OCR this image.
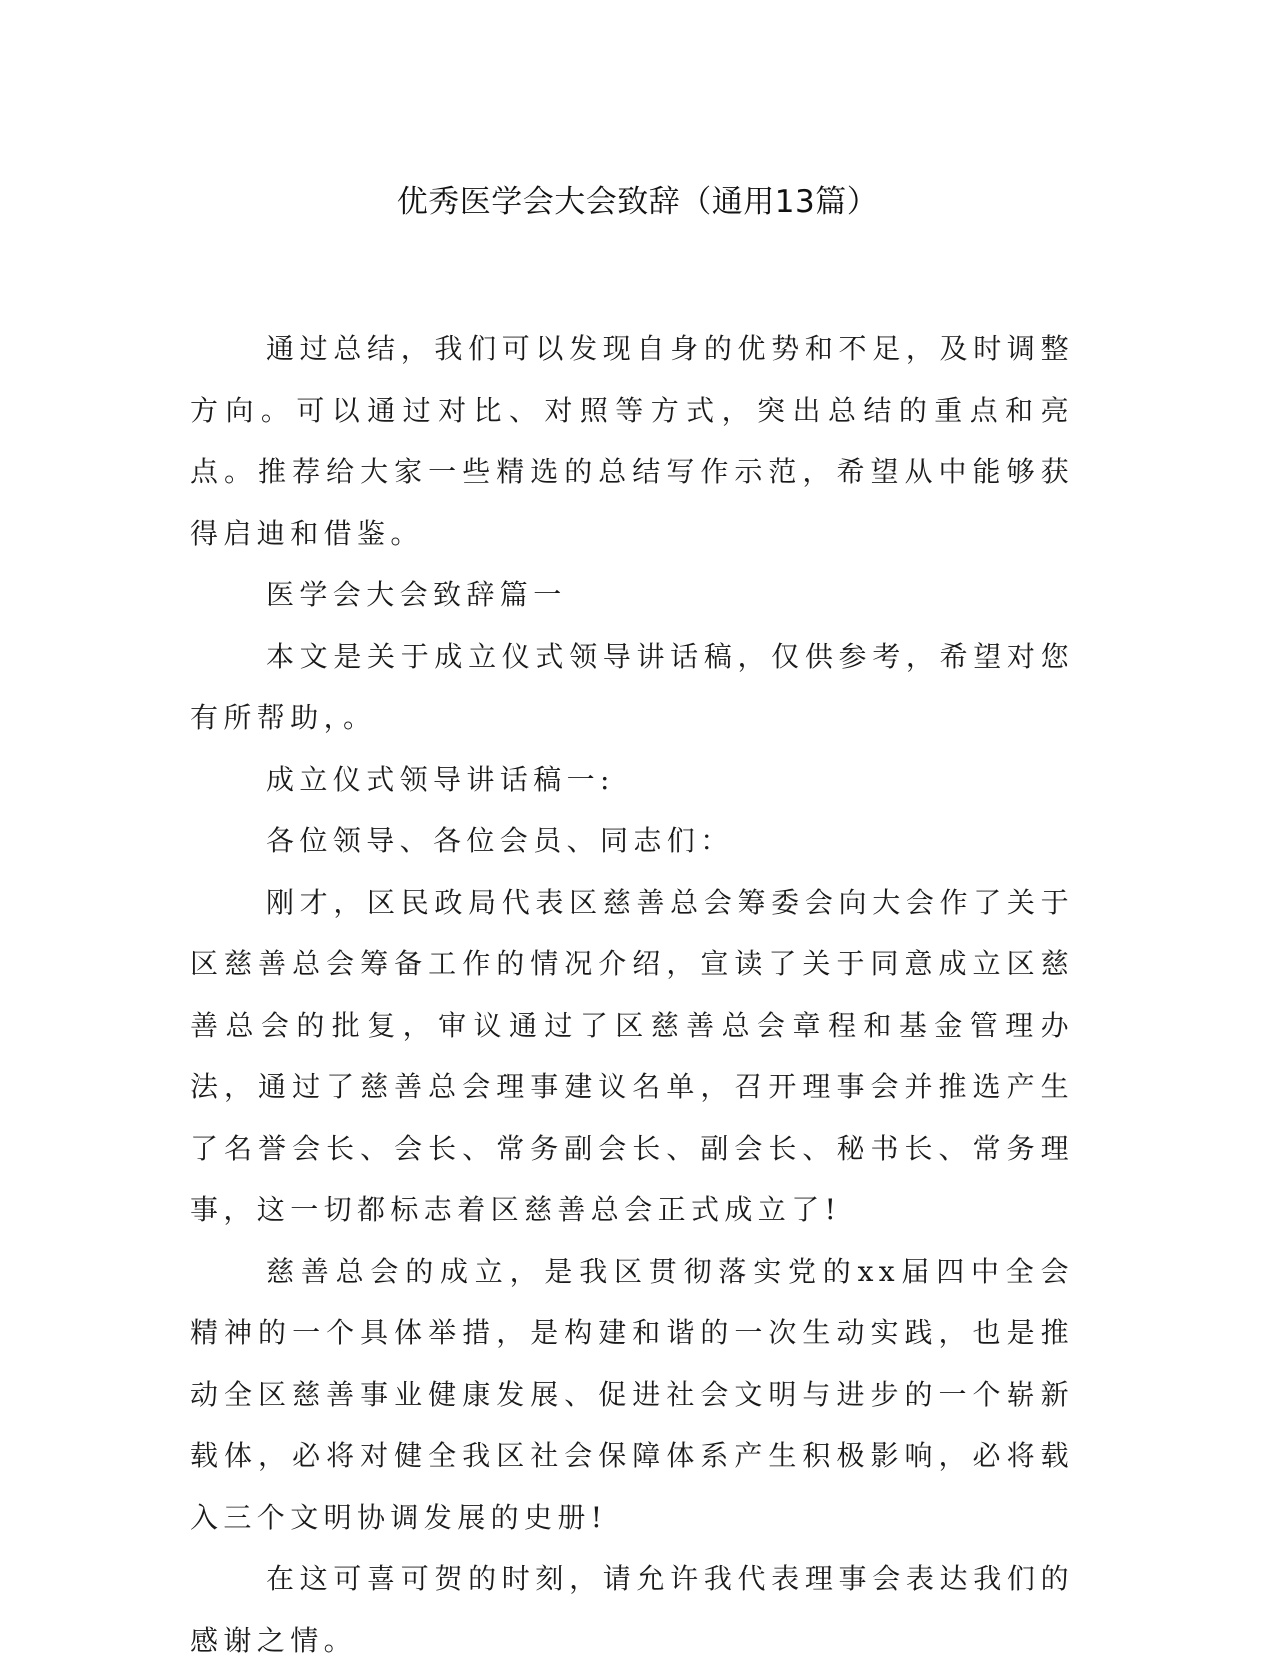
优秀医学会大会致辞（通用13篇）

通过总结，我们可以发现自身的优势和不足，及时调整方向。可以通过对比、对照等方式，突出总结的重点和亮点。推荐给大家一些精选的总结写作示范，希望从中能够获得启迪和借鉴。

医学会大会致辞篇一

本文是关于成立仪式领导讲话稿，仅供参考，希望对您有所帮助，。

成立仪式领导讲话稿一:

各位领导、各位会员、同志们：

刚才，区民政局代表区慈善总会筹委会向大会作了关于区慈善总会筹备工作的情况介绍，宣读了关于同意成立区慈善总会的批复，审议通过了区慈善总会章程和基金管理办法，通过了慈善总会理事建议名单，召开理事会并推选产生了名誉会长、会长、常务副会长、副会长、秘书长、常务理事，这一切都标志着区慈善总会正式成立了!

慈善总会的成立，是我区贯彻落实党的xx届四中全会精神的一个具体举措，是构建和谐的一次生动实践，也是推动全区慈善事业健康发展、促进社会文明与进步的一个崭新载体，必将对健全我区社会保障体系产生积极影响，必将载入三个文明协调发展的史册!

在这可喜可贺的时刻，请允许我代表理事会表达我们的感谢之情。
